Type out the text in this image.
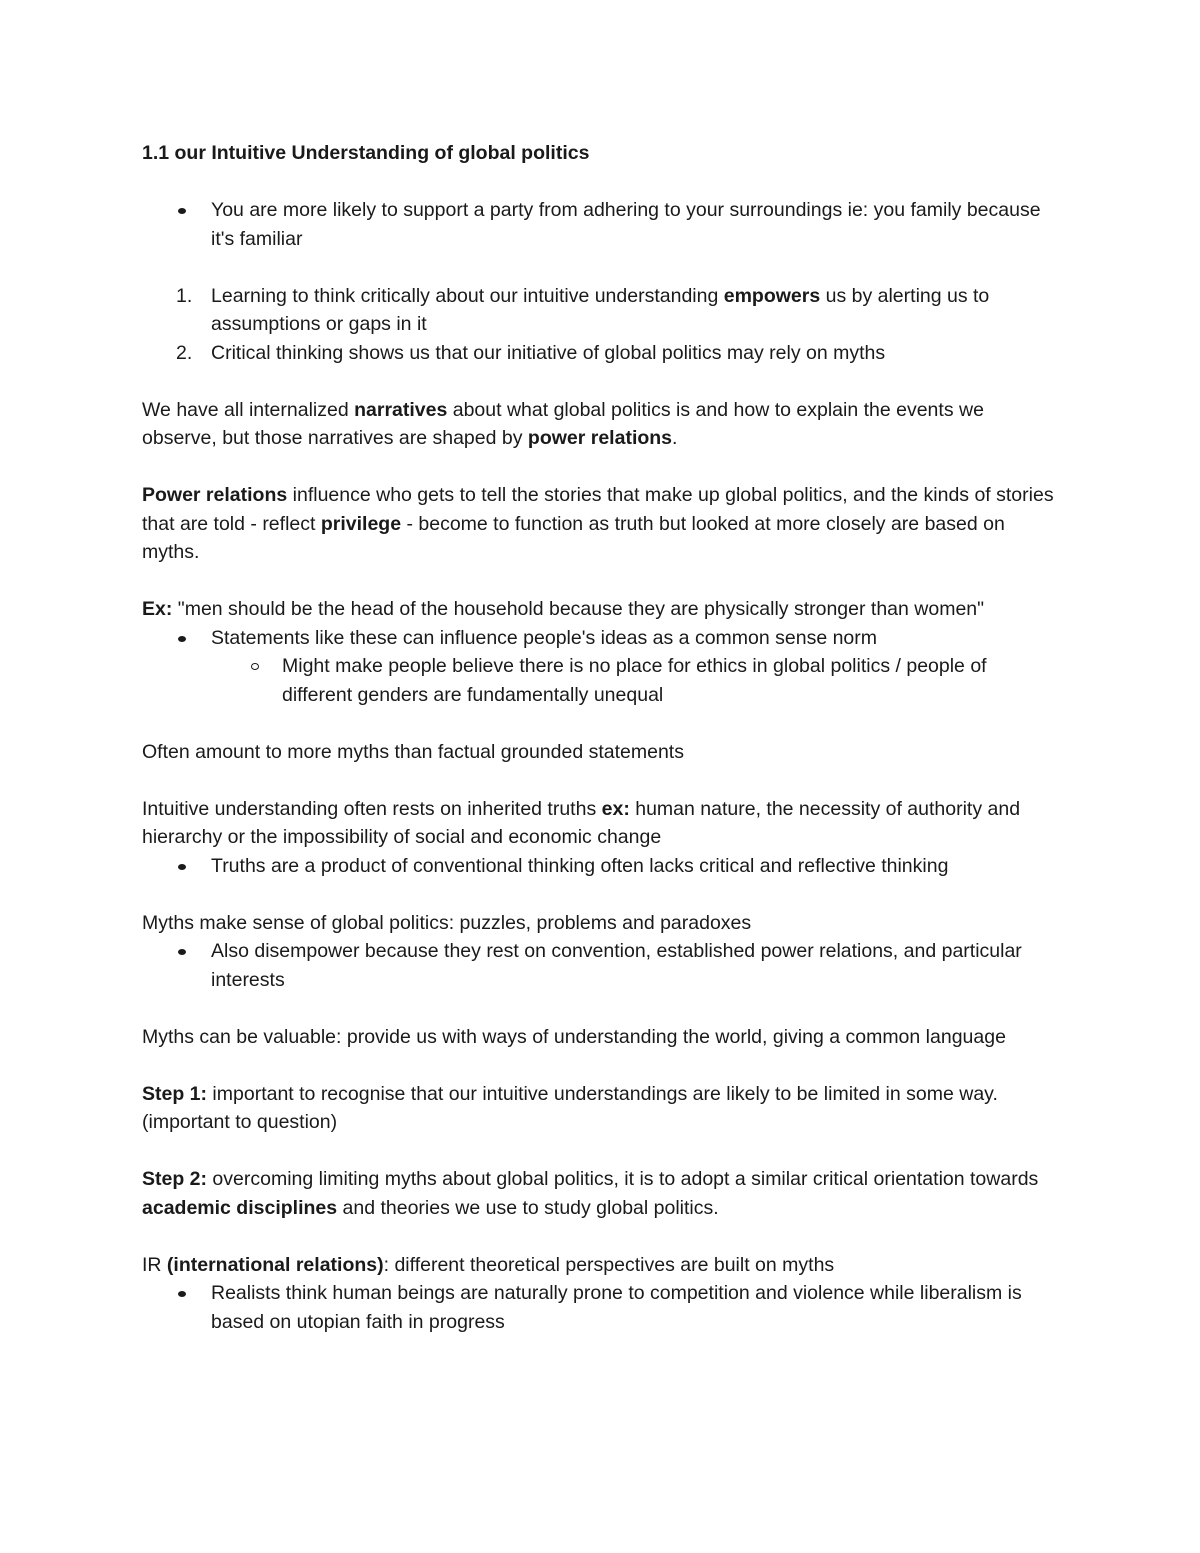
1.1 our Intuitive Understanding of global politics

You are more likely to support a party from adhering to your surroundings ie: you family because it's familiar
1. Learning to think critically about our intuitive understanding empowers us by alerting us to assumptions or gaps in it
2. Critical thinking shows us that our initiative of global politics may rely on myths

We have all internalized narratives about what global politics is and how to explain the events we observe, but those narratives are shaped by power relations.

Power relations influence who gets to tell the stories that make up global politics, and the kinds of stories that are told - reflect privilege - become to function as truth but looked at more closely are based on myths.

Ex: "men should be the head of the household because they are physically stronger than women"

Statements like these can influence people's ideas as a common sense norm
Might make people believe there is no place for ethics in global politics / people of different genders are fundamentally unequal

Often amount to more myths than factual grounded statements

Intuitive understanding often rests on inherited truths ex: human nature, the necessity of authority and hierarchy or the impossibility of social and economic change

Truths are a product of conventional thinking often lacks critical and reflective thinking

Myths make sense of global politics: puzzles, problems and paradoxes

Also disempower because they rest on convention, established power relations, and particular interests

Myths can be valuable: provide us with ways of understanding the world, giving a common language

Step 1: important to recognise that our intuitive understandings are likely to be limited in some way. (important to question)

Step 2: overcoming limiting myths about global politics, it is to adopt a similar critical orientation towards academic disciplines and theories we use to study global politics.

IR (international relations): different theoretical perspectives are built on myths

Realists think human beings are naturally prone to competition and violence while liberalism is based on utopian faith in progress
